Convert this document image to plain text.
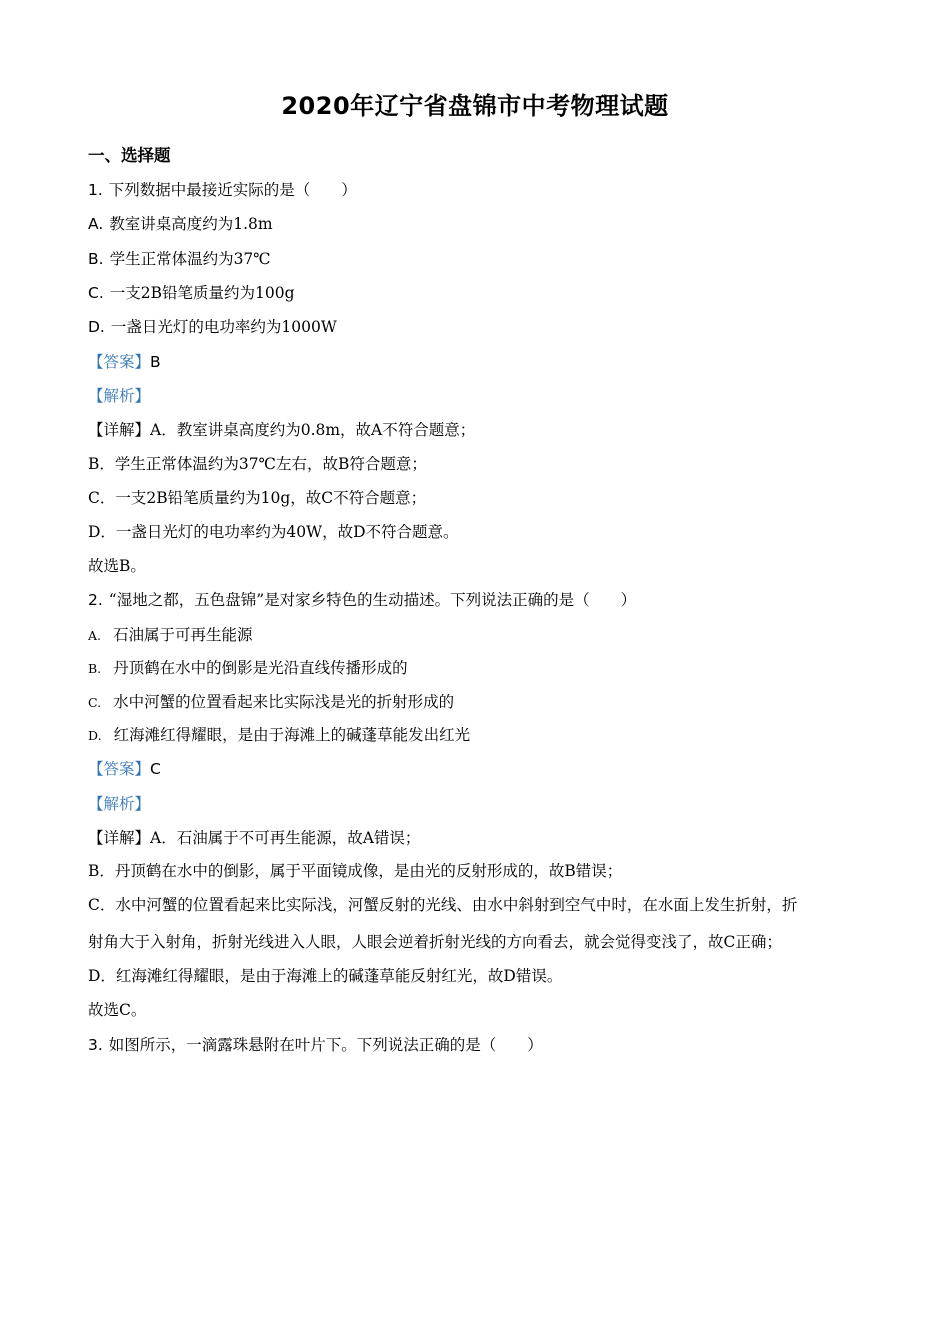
2020年辽宁省盘锦市中考物理试题
一、选择题
1. 下列数据中最接近实际的是（　　）
A. 教室讲桌高度约为1.8m
B. 学生正常体温约为37℃
C. 一支2B铅笔质量约为100g
D. 一盏日光灯的电功率约为1000W
【答案】B
【解析】
【详解】A．教室讲桌高度约为0.8m，故A不符合题意；
B．学生正常体温约为37℃左右，故B符合题意；
C．一支2B铅笔质量约为10g，故C不符合题意；
D．一盏日光灯的电功率约为40W，故D不符合题意。
故选B。
2. “湿地之都，五色盘锦”是对家乡特色的生动描述。下列说法正确的是（　　）
A. 石油属于可再生能源
B. 丹顶鹤在水中的倒影是光沿直线传播形成的
C. 水中河蟹的位置看起来比实际浅是光的折射形成的
D. 红海滩红得耀眼，是由于海滩上的碱蓬草能发出红光
【答案】C
【解析】
【详解】A．石油属于不可再生能源，故A错误；
B．丹顶鹤在水中的倒影，属于平面镜成像，是由光的反射形成的，故B错误；
C．水中河蟹的位置看起来比实际浅，河蟹反射的光线、由水中斜射到空气中时，在水面上发生折射，折
射角大于入射角，折射光线进入人眼，人眼会逆着折射光线的方向看去，就会觉得变浅了，故C正确；
D．红海滩红得耀眼，是由于海滩上的碱蓬草能反射红光，故D错误。
故选C。
3. 如图所示，一滴露珠悬附在叶片下。下列说法正确的是（　　）
